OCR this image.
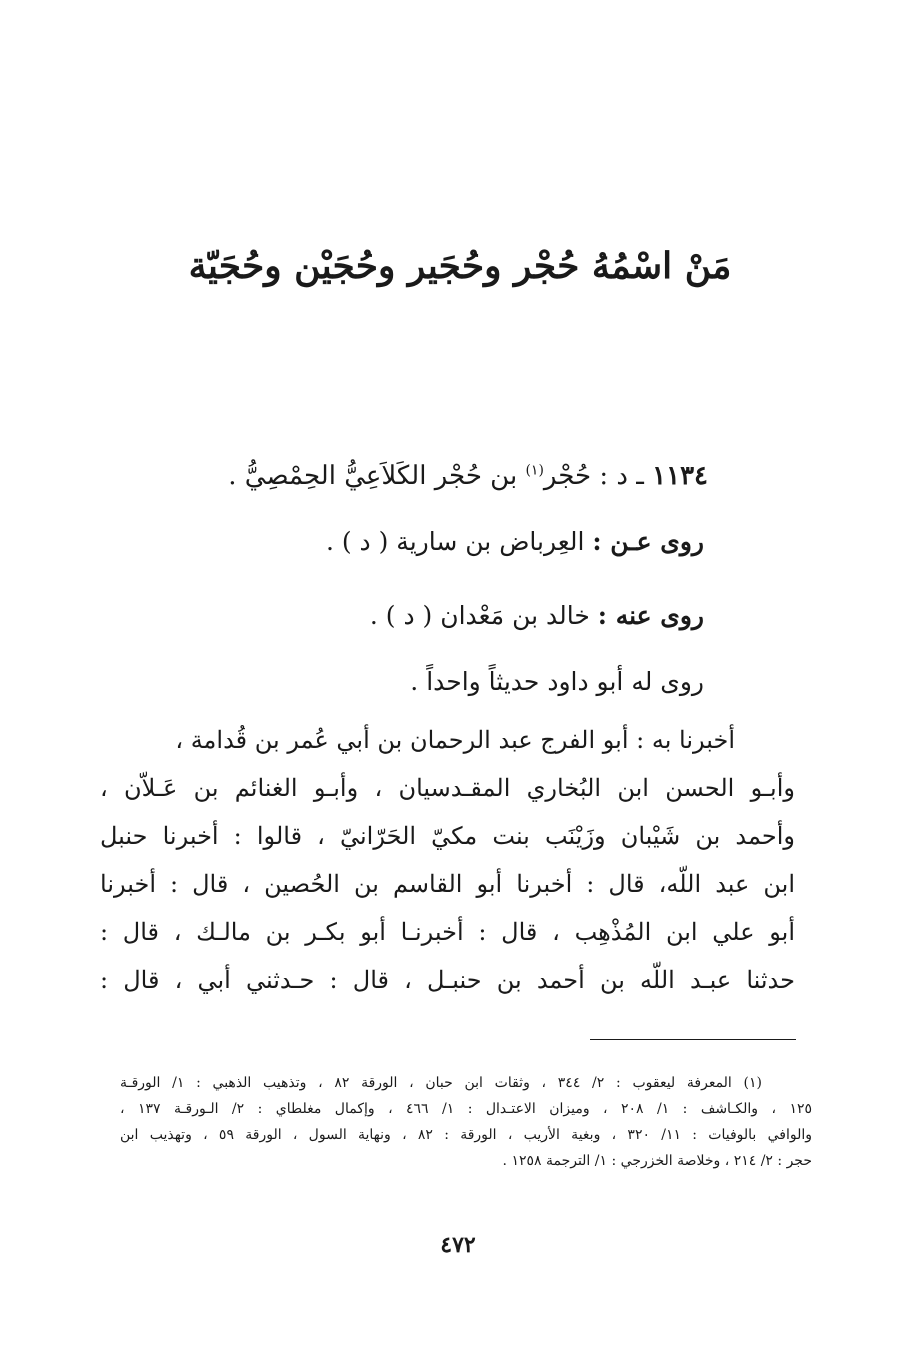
مَنْ اسْمُهُ حُجْر وحُجَير وحُجَيْن وحُجَيّة
١١٣٤ ـ د : حُجْر$^{(١)}$ بن حُجْر الكَلاَعِيُّ الحِمْصِيُّ .
روى عـن : العِرباض بن سارية ( د ) .
روى عنه : خالد بن مَعْدان ( د ) .
روى له أبو داود حديثاً واحداً .
أخبرنا به : أبو الفرج عبد الرحمان بن أبي عُمر بن قُدامة ،
وأبـو الحسن ابن البُخاري المقـدسيان ، وأبـو الغنائم بن عَـلاّن ،
وأحمد بن شَيْبان وزَيْنَب بنت مكيّ الحَرّانيّ ، قالوا : أخبرنا حنبل
ابن عبد اللّه، قال : أخبرنا أبو القاسم بن الحُصين ، قال : أخبرنا
أبو علي ابن المُذْهِب ، قال : أخبرنـا أبو بكـر بن مالـك ، قال :
حدثنا عبـد اللّه بن أحمد بن حنبـل ، قال : حـدثني أبي ، قال :
(١) المعرفة ليعقوب : ٢/ ٣٤٤ ، وثقات ابن حبان ، الورقة ٨٢ ، وتذهيب الذهبي : ١/ الورقـة
١٢٥ ، والكـاشف : ١/ ٢٠٨ ، وميزان الاعتـدال : ١/ ٤٦٦ ، وإكمال مغلطاي : ٢/ الـورقـة ١٣٧ ،
والوافي بالوفيات : ١١/ ٣٢٠ ، وبغية الأريب ، الورقة : ٨٢ ، ونهاية السول ، الورقة ٥٩ ، وتهذيب ابن
حجر : ٢/ ٢١٤ ، وخلاصة الخزرجي : ١/ الترجمة ١٢٥٨ .
٤٧٢
